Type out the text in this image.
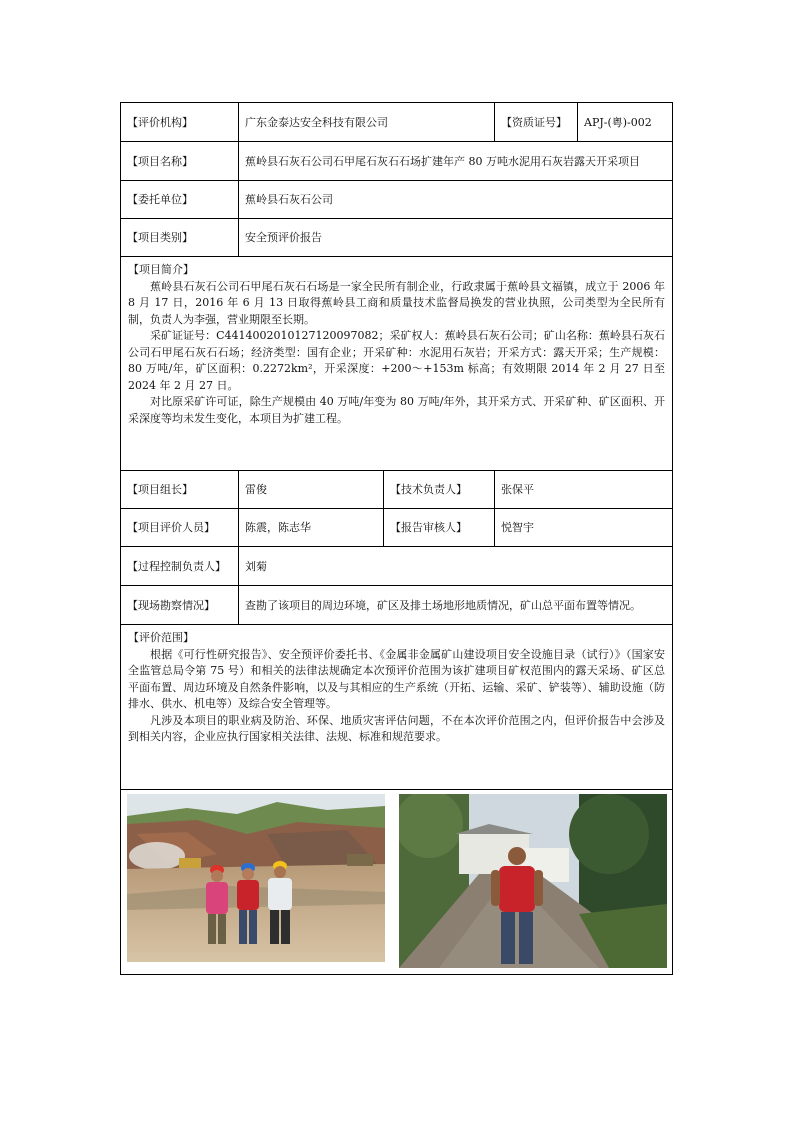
【评价机构】	广东金泰达安全科技有限公司		【资质证号】	APJ-(粤)-002
【项目名称】	蕉岭县石灰石公司石甲尾石灰石石场扩建年产 80 万吨水泥用石灰岩露天开采项目			
【委托单位】	蕉岭县石灰石公司			
【项目类别】	安全预评价报告			

【项目简介】

蕉岭县石灰石公司石甲尾石灰石石场是一家全民所有制企业，行政隶属于蕉岭县文福镇，成立于 2006 年 8 月 17 日，2016 年 6 月 13 日取得蕉岭县工商和质量技术监督局换发的营业执照，公司类型为全民所有制，负责人为李强，营业期限至长期。

采矿证证号：C4414002010127120097082；采矿权人：蕉岭县石灰石公司；矿山名称：蕉岭县石灰石公司石甲尾石灰石石场；经济类型：国有企业；开采矿种：水泥用石灰岩；开采方式：露天开采；生产规模：80 万吨/年，矿区面积：0.2272km²，开采深度：+200～+153m 标高；有效期限 2014 年 2 月 27 日至 2024 年 2 月 27 日。

对比原采矿许可证，除生产规模由 40 万吨/年变为 80 万吨/年外，其开采方式、开采矿种、矿区面积、开采深度等均未发生变化，本项目为扩建工程。				

【项目组长】	雷俊	【技术负责人】	张保平	
【项目评价人员】	陈震，陈志华	【报告审核人】	悦智宇	
【过程控制负责人】	刘菊			
【现场勘察情况】	查勘了该项目的周边环境，矿区及排土场地形地质情况，矿山总平面布置等情况。			

【评价范围】

根据《可行性研究报告》、安全预评价委托书、《金属非金属矿山建设项目安全设施目录（试行）》（国家安全监管总局令第 75 号）和相关的法律法规确定本次预评价范围为该扩建项目矿权范围内的露天采场、矿区总平面布置、周边环境及自然条件影响，以及与其相应的生产系统（开拓、运输、采矿、铲装等）、辅助设施（防排水、供水、机电等）及综合安全管理等。

凡涉及本项目的职业病及防治、环保、地质灾害评估问题，不在本次评价范围之内，但评价报告中会涉及到相关内容，企业应执行国家相关法律、法规、标准和规范要求。				
